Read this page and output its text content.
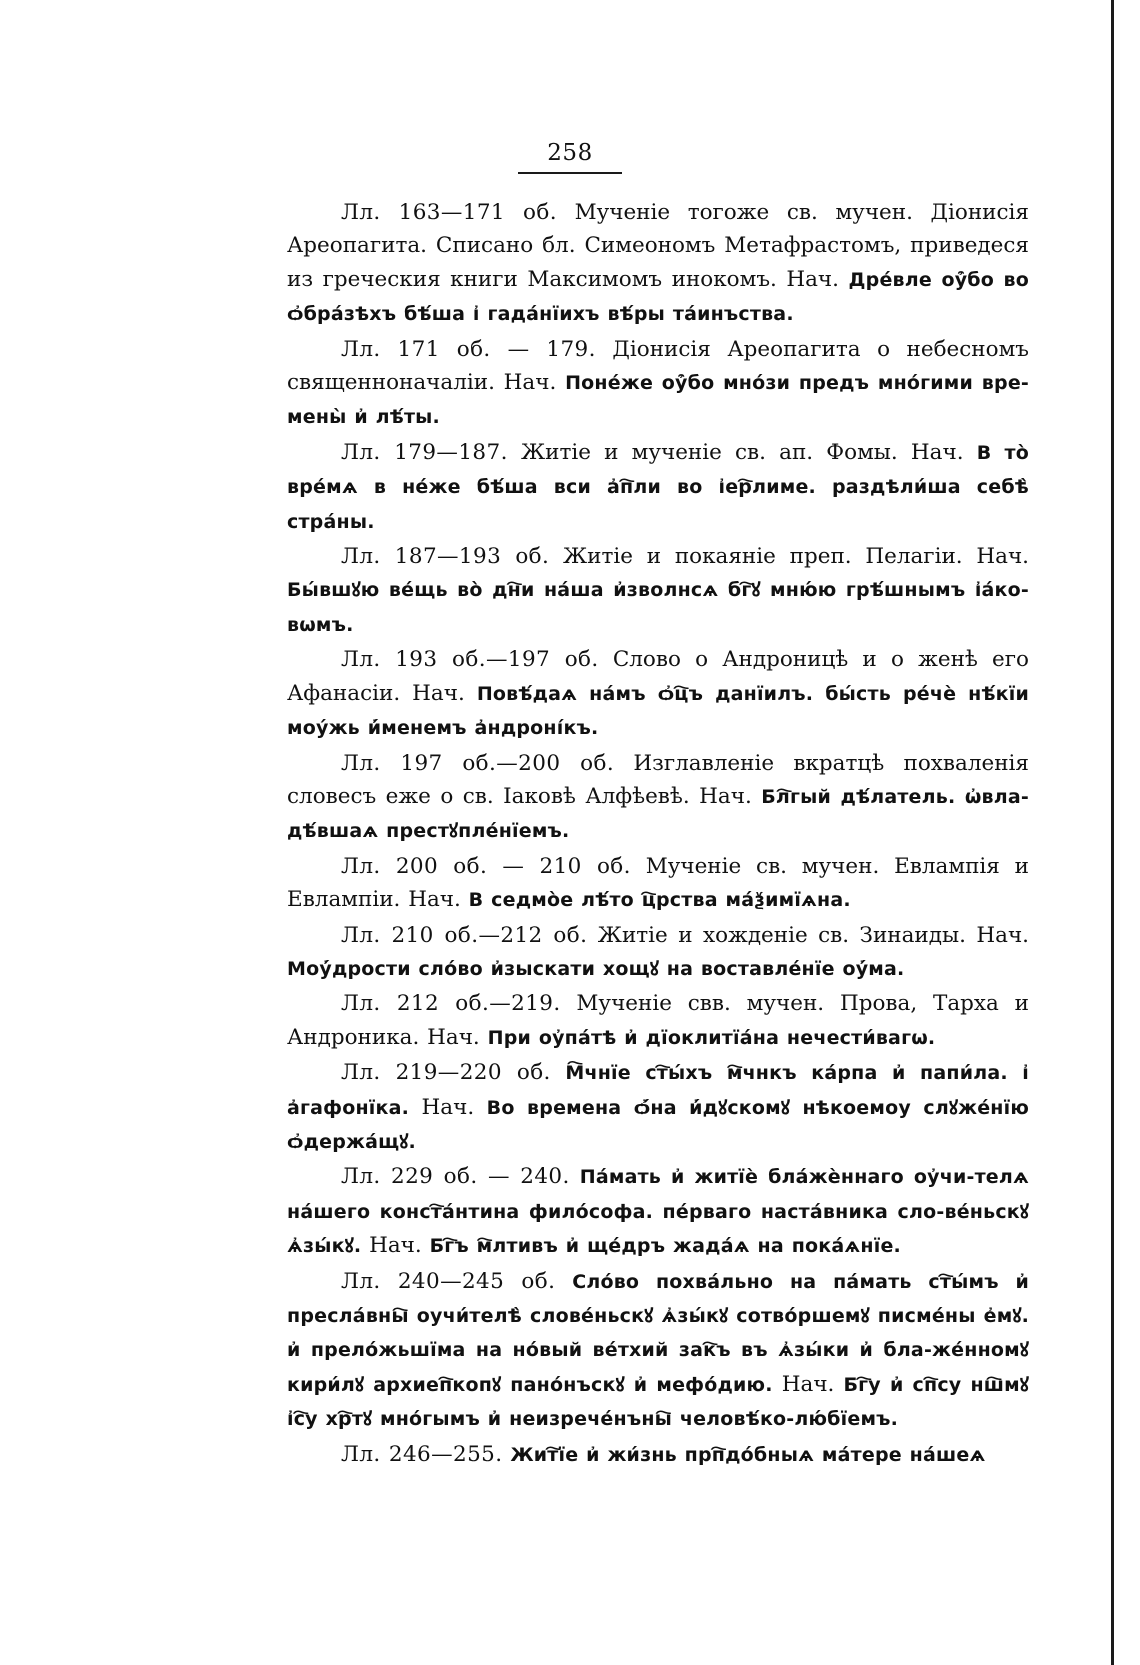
258

Лл. 163—171 об. Мученіе тогоже св. мучен. Діонисія Ареопагита. Списано бл. Симеономъ Метафрастомъ, приведеся из греческия книги Максимомъ инокомъ. Нач. Дре́вле оу҆̑бо во ѻ҆бра́зѣхъ бѣ́ша і҆ гада́нїихъ вѣ́ры та́инъства.

Лл. 171 об. — 179. Діонисія Ареопагита о небесномъ священноначаліи. Нач. Поне́же оу҆̑бо мно́зи предъ мно́гими вре-мены̀ и҆ лѣ́ты.

Лл. 179—187. Житіе и мученіе св. ап. Фомы. Нач. В то̀ вре́мѧ в не́же бѣ́ша вси а҆п҇ли во і҆ер҇лиме. раздѣли́ша себѣ̀ стра́ны.

Лл. 187—193 об. Житіе и покаяніе преп. Пелагіи. Нач. Бы́вшꙋю ве́щь во̀ дн҇и на́ша и҆зволнсѧ бг҇ꙋ мню́ю грѣ́шнымъ і҆а́ко-вѡмъ.

Лл. 193 об.—197 об. Слово о Андроницѣ и о женѣ его Афанасіи. Нач. Повѣ́даѧ на́мъ ѻ҆ц҇ъ данїилъ. бы́сть ре́чѐ нѣ́кїи моу́жь и҆́менемъ а҆ндроні́къ.

Лл. 197 об.—200 об. Изглавленіе вкратцѣ похваленія словесъ еже о св. Іаковѣ Алфѣевѣ. Нач. Бл҇гый дѣ́латель. ѡ҆вла-дѣ́вшаѧ престꙋпле́нїемъ.

Лл. 200 об. — 210 об. Мученіе св. мучен. Евлампія и Евлампіи. Нач. В седмо̀е лѣ́то ц҇рства ма́ѯимїѧна.

Лл. 210 об.—212 об. Житіе и хожденіе св. Зинаиды. Нач. Моу҆́дрости сло́во и҆зыскати хощꙋ на воставле́нїе оу҆́ма.

Лл. 212 об.—219. Мученіе свв. мучен. Прова, Тарха и Андроника. Нач. При оу҆па́тѣ и҆ дїоклитїа́на нечести́вагѡ.

Лл. 219—220 об. М҇чнїе ст҇ы́хъ м҇чнкъ ка́рпа и҆ папи́ла. і҆ а҆гафонїка. Нач. Во времена ѻ҆́на и҆́дꙋскомꙋ нѣкоемоу слꙋже́нїю ѻ҆держа́щꙋ.

Лл. 229 об. — 240. Па́мать и҆ житїѐ бла́жѐннаго оу҆чи-телѧ на́шего конст҇а́нтина фило́софа. пе́рваго наста́вника сло-ве́ньскꙋ ѧ҆зы́кꙋ. Нач. Бг҇ъ м҇лтивъ и҆ ще́дръ жада́ѧ на пока́ѧнїе.

Лл. 240—245 об. Сло́во похва́льно на па́мать ст҇ы́мъ и҆ пресла́вны҇ оучи́телѣ̀ слове́ньскꙋ ѧ҆зы́кꙋ сотво́ршемꙋ писме́ны е҆мꙋ. и҆ прело́жьшїма на но́вый ве́тхий зак҇ъ въ ѧ҆зы́ки и҆ бла-же́нномꙋ кири́лꙋ архиеп҇копꙋ пано́нъскꙋ и҆ мефо́дию. Нач. Бг҇у и҆ сп҇су нш҇мꙋ і҆с҇у хр҇тꙋ мно́гымъ и҆ неизрече́нъны҇ человѣ́ко-лю́бїемъ.

Лл. 246—255. Жит҇їе и҆ жи́знь прп҇до́бныѧ ма́тере на́шеѧ
